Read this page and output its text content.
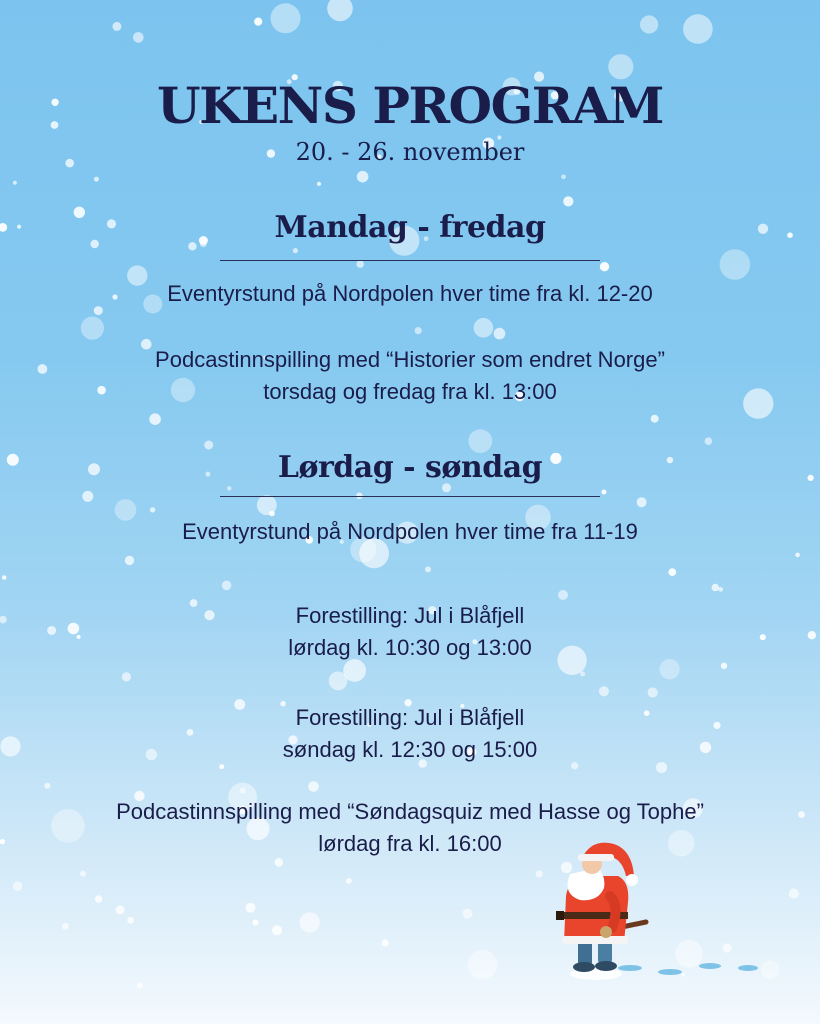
UKENS PROGRAM
20. - 26. november
Mandag - fredag
Eventyrstund på Nordpolen hver time fra kl. 12-20
Podcastinnspilling med “Historier som endret Norge”
torsdag og fredag fra kl. 13:00
Lørdag - søndag
Eventyrstund på Nordpolen hver time fra 11-19
Forestilling: Jul i Blåfjell
lørdag kl. 10:30 og 13:00
Forestilling: Jul i Blåfjell
søndag kl. 12:30 og 15:00
Podcastinnspilling med “Søndagsquiz med Hasse og Tophe”
lørdag fra kl. 16:00
